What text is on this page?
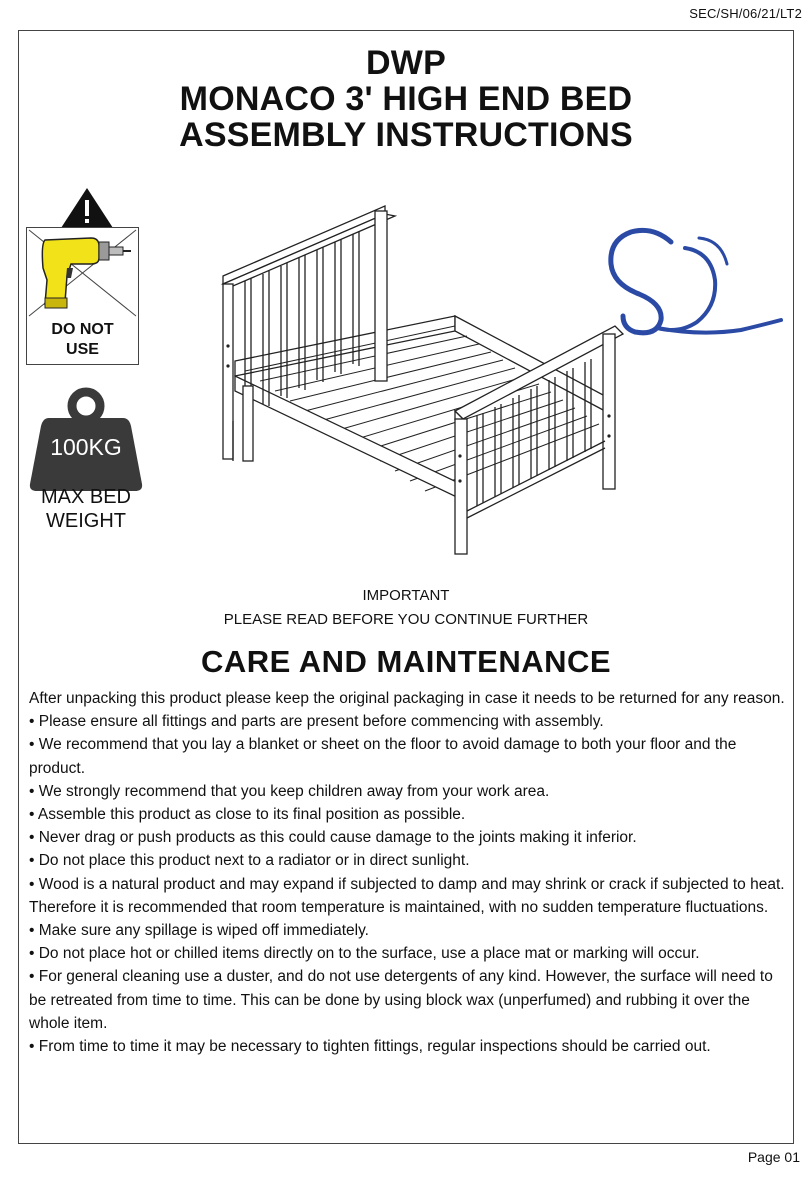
SEC/SH/06/21/LT2
DWP
MONACO 3' HIGH END BED
ASSEMBLY INSTRUCTIONS
DO NOT
USE
100KG
MAX BED
WEIGHT
IMPORTANT
PLEASE READ BEFORE YOU CONTINUE FURTHER
CARE AND MAINTENANCE

After unpacking this product please keep the original packaging in case it needs to be returned for any reason.

• Please ensure all fittings and parts are present before commencing with assembly.

• We recommend that you lay a blanket or sheet on the floor to avoid damage to both your floor and the product.

• We strongly recommend that you keep children away from your work area.

• Assemble this product as close to its final position as possible.

• Never drag or push products as this could cause damage to the joints making it inferior.

• Do not place this product next to a radiator or in direct sunlight.

• Wood is a natural product and may expand if subjected to damp and may shrink or crack if subjected to heat. Therefore it is recommended that room temperature is maintained, with no sudden temperature fluctuations.

• Make sure any spillage is wiped off immediately.

• Do not place hot or chilled items directly on to the surface, use a place mat or marking will occur.

• For general cleaning use a duster, and do not use detergents of any kind. However, the surface will need to be retreated from time to time. This can be done by using block wax (unperfumed) and rubbing it over the whole item.

• From time to time it may be necessary to tighten fittings, regular inspections should be carried out.

Page 01
